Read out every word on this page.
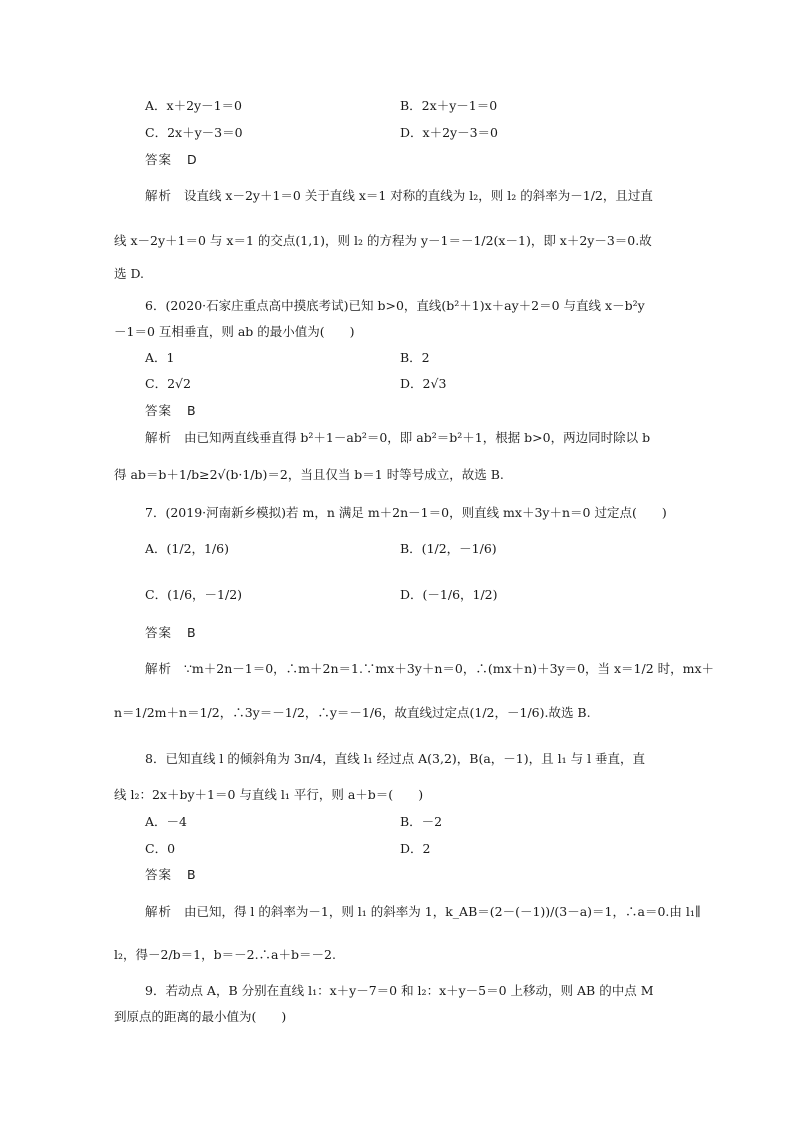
A．x＋2y－1＝0	B．2x＋y－1＝0
C．2x＋y－3＝0	D．x＋2y－3＝0
答案 D
解析 设直线 x－2y＋1＝0 关于直线 x＝1 对称的直线为 l₂，则 l₂ 的斜率为－1/2，且过直
线 x－2y＋1＝0 与 x＝1 的交点(1,1)，则 l₂ 的方程为 y－1＝－1/2(x－1)，即 x＋2y－3＝0.故
选 D.
6．(2020·石家庄重点高中摸底考试)已知 b>0，直线(b²＋1)x＋ay＋2＝0 与直线 x－b²y
－1＝0 互相垂直，则 ab 的最小值为(　　)
A．1	B．2
C．2√2	D．2√3
答案 B
解析 由已知两直线垂直得 b²＋1－ab²＝0，即 ab²＝b²＋1，根据 b>0，两边同时除以 b
得 ab＝b＋1/b≥2√(b·1/b)＝2，当且仅当 b＝1 时等号成立，故选 B.
7．(2019·河南新乡模拟)若 m，n 满足 m＋2n－1＝0，则直线 mx＋3y＋n＝0 过定点(　　)
A．(1/2，1/6)	B．(1/2，－1/6)
C．(1/6，－1/2)	D．(－1/6，1/2)
答案 B
解析 ∵m＋2n－1＝0，∴m＋2n＝1.∵mx＋3y＋n＝0，∴(mx＋n)＋3y＝0，当 x＝1/2 时，mx＋
n＝1/2m＋n＝1/2，∴3y＝－1/2，∴y＝－1/6，故直线过定点(1/2，－1/6).故选 B.
8．已知直线 l 的倾斜角为 3π/4，直线 l₁ 经过点 A(3,2)，B(a，－1)，且 l₁ 与 l 垂直，直
线 l₂：2x＋by＋1＝0 与直线 l₁ 平行，则 a＋b＝(　　)
A．－4	B．－2
C．0	D．2
答案 B
解析 由已知，得 l 的斜率为－1，则 l₁ 的斜率为 1，k_AB＝(2－(－1))/(3－a)＝1，∴a＝0.由 l₁∥
l₂，得－2/b＝1，b＝－2.∴a＋b＝－2.
9．若动点 A，B 分别在直线 l₁：x＋y－7＝0 和 l₂：x＋y－5＝0 上移动，则 AB 的中点 M
到原点的距离的最小值为(　　)
